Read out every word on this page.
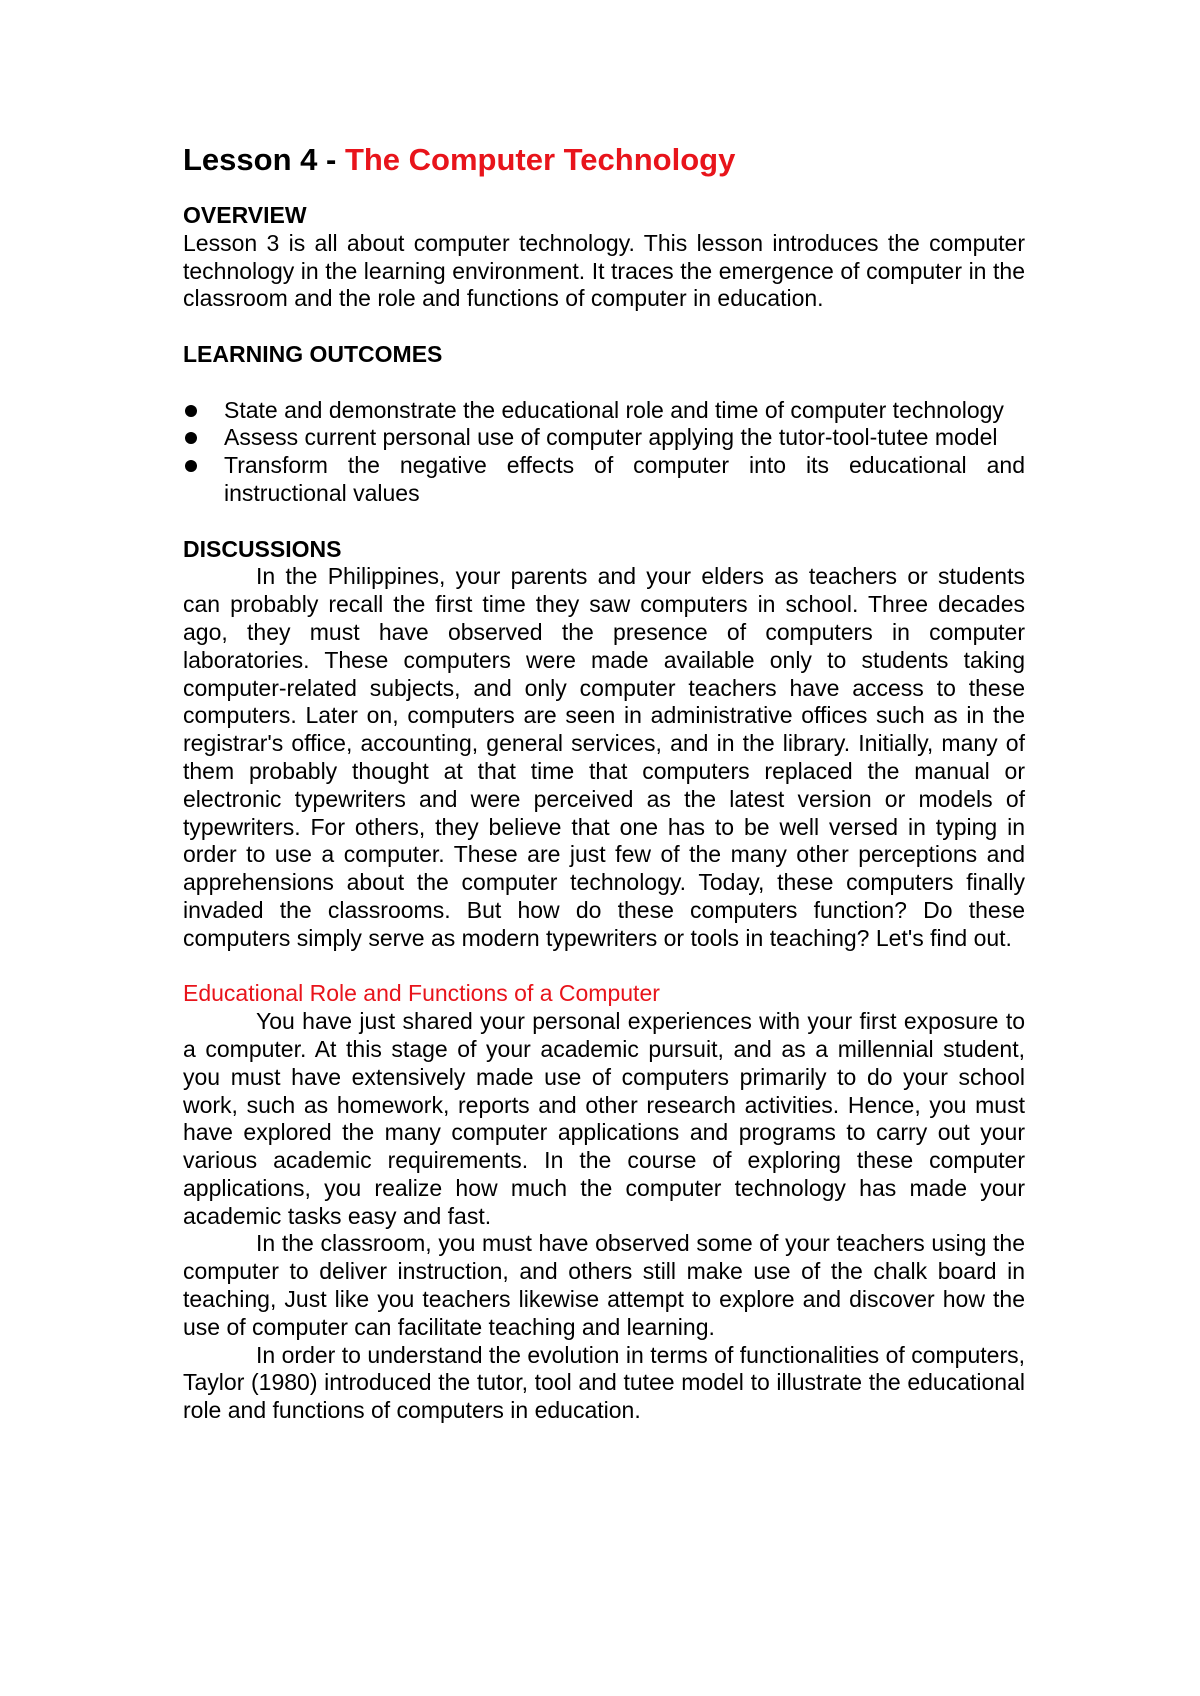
Lesson 4 - The Computer Technology

OVERVIEW

Lesson 3 is all about computer technology. This lesson introduces the computer technology in the learning environment. It traces the emergence of computer in the classroom and the role and functions of computer in education.

LEARNING OUTCOMES

State and demonstrate the educational role and time of computer technology
Assess current personal use of computer applying the tutor-tool-tutee model
Transform the negative effects of computer into its educational and instructional values

DISCUSSIONS

In the Philippines, your parents and your elders as teachers or students can probably recall the first time they saw computers in school. Three decades ago, they must have observed the presence of computers in computer laboratories. These computers were made available only to students taking computer-related subjects, and only computer teachers have access to these computers. Later on, computers are seen in administrative offices such as in the registrar's office, accounting, general services, and in the library. Initially, many of them probably thought at that time that computers replaced the manual or electronic typewriters and were perceived as the latest version or models of typewriters. For others, they believe that one has to be well versed in typing in order to use a computer. These are just few of the many other perceptions and apprehensions about the computer technology. Today, these computers finally invaded the classrooms. But how do these computers function? Do these computers simply serve as modern typewriters or tools in teaching? Let's find out.

Educational Role and Functions of a Computer

You have just shared your personal experiences with your first exposure to a computer. At this stage of your academic pursuit, and as a millennial student, you must have extensively made use of computers primarily to do your school work, such as homework, reports and other research activities. Hence, you must have explored the many computer applications and programs to carry out your various academic requirements. In the course of exploring these computer applications, you realize how much the computer technology has made your academic tasks easy and fast.

In the classroom, you must have observed some of your teachers using the computer to deliver instruction, and others still make use of the chalk board in teaching, Just like you teachers likewise attempt to explore and discover how the use of computer can facilitate teaching and learning.

In order to understand the evolution in terms of functionalities of computers, Taylor (1980) introduced the tutor, tool and tutee model to illustrate the educational role and functions of computers in education.
